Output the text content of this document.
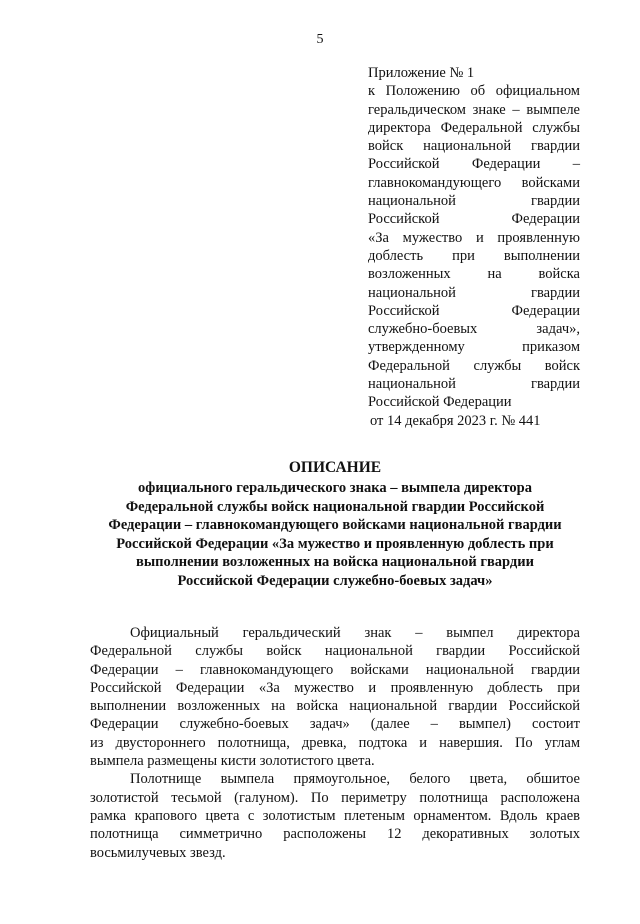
5
Приложение № 1
к Положению об официальном
геральдическом знаке – вымпеле
директора Федеральной службы
войск национальной гвардии
Российской Федерации –
главнокомандующего войсками
национальной гвардии
Российской Федерации
«За мужество и проявленную
доблесть при выполнении
возложенных на войска
национальной гвардии
Российской Федерации
служебно-боевых задач»,
утвержденному приказом
Федеральной службы войск
национальной гвардии
Российской Федерации
от 14 декабря 2023 г. № 441
ОПИСАНИЕ
официального геральдического знака – вымпела директора
Федеральной службы войск национальной гвардии Российской
Федерации – главнокомандующего войсками национальной гвардии
Российской Федерации «За мужество и проявленную доблесть при
выполнении возложенных на войска национальной гвардии
Российской Федерации служебно-боевых задач»
Официальный геральдический знак – вымпел директора
Федеральной службы войск национальной гвардии Российской
Федерации – главнокомандующего войсками национальной гвардии
Российской Федерации «За мужество и проявленную доблесть при
выполнении возложенных на войска национальной гвардии Российской
Федерации служебно-боевых задач» (далее – вымпел) состоит
из двустороннего полотнища, древка, подтока и навершия. По углам
вымпела размещены кисти золотистого цвета.
Полотнище вымпела прямоугольное, белого цвета, обшитое
золотистой тесьмой (галуном). По периметру полотнища расположена
рамка крапового цвета с золотистым плетеным орнаментом. Вдоль краев
полотнища симметрично расположены 12 декоративных золотых
восьмилучевых звезд.
